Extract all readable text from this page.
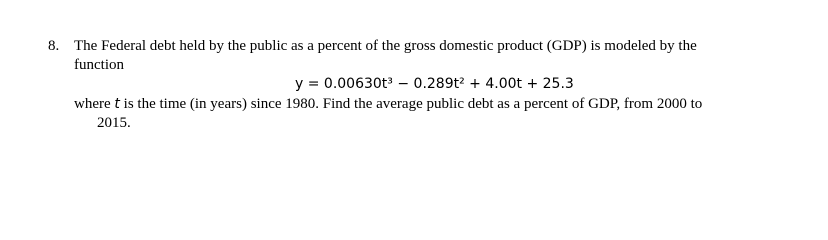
8. The Federal debt held by the public as a percent of the gross domestic product (GDP) is modeled by the
function
y = 0.00630t³ − 0.289t² + 4.00t + 25.3
where t is the time (in years) since 1980. Find the average public debt as a percent of GDP, from 2000 to
2015.
